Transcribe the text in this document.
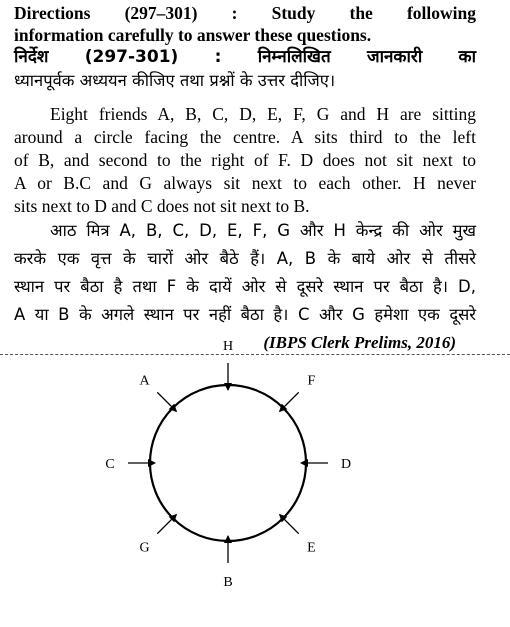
Directions (297–301) : Study the following
information carefully to answer these questions.
निर्देश (297-301) : निम्नलिखित जानकारी का
ध्यानपूर्वक अध्ययन कीजिए तथा प्रश्नों के उत्तर दीजिए।
Eight friends A, B, C, D, E, F, G and H are sitting
around a circle facing the centre. A sits third to the left
of B, and second to the right of F. D does not sit next to
A or B.C and G always sit next to each other. H never
sits next to D and C does not sit next to B.
आठ मित्र A, B, C, D, E, F, G और H केन्द्र की ओर मुख
करके एक वृत्त के चारों ओर बैठे हैं। A, B के बाये ओर से तीसरे
स्थान पर बैठा है तथा F के दायें ओर से दूसरे स्थान पर बैठा है। D,
A या B के अगले स्थान पर नहीं बैठा है। C और G हमेशा एक दूसरे
(IBPS Clerk Prelims, 2016)
H
F
D
E
B
G
C
A
